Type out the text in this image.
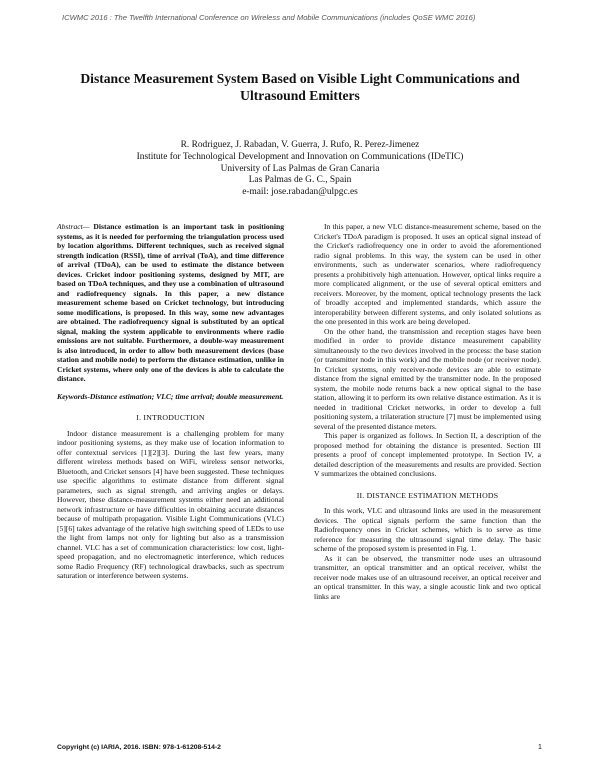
ICWMC 2016 : The Twelfth International Conference on Wireless and Mobile Communications (includes QoSE WMC 2016)
Distance Measurement System Based on Visible Light Communications and
Ultrasound Emitters
R. Rodriguez, J. Rabadan, V. Guerra, J. Rufo, R. Perez-Jimenez
Institute for Technological Development and Innovation on Communications (IDeTIC)
University of Las Palmas de Gran Canaria
Las Palmas de G. C., Spain
e-mail: jose.rabadan@ulpgc.es

Abstract— Distance estimation is an important task in positioning systems, as it is needed for performing the triangulation process used by location algorithms. Different techniques, such as received signal strength indication (RSSI), time of arrival (ToA), and time difference of arrival (TDoA), can be used to estimate the distance between devices. Cricket indoor positioning systems, designed by MIT, are based on TDoA techniques, and they use a combination of ultrasound and radiofrequency signals. In this paper, a new distance measurement scheme based on Cricket technology, but introducing some modifications, is proposed. In this way, some new advantages are obtained. The radiofrequency signal is substituted by an optical signal, making the system applicable to environments where radio emissions are not suitable. Furthermore, a double-way measurement is also introduced, in order to allow both measurement devices (base station and mobile node) to perform the distance estimation, unlike in Cricket systems, where only one of the devices is able to calculate the distance.

Keywords-Distance estimation; VLC; time arrival; double measurement.

I. INTRODUCTION

Indoor distance measurement is a challenging problem for many indoor positioning systems, as they make use of location information to offer contextual services [1][2][3]. During the last few years, many different wireless methods based on WiFi, wireless sensor networks, Bluetooth, and Cricket sensors [4] have been suggested. These techniques use specific algorithms to estimate distance from different signal parameters, such as signal strength, and arriving angles or delays. However, these distance-measurement systems either need an additional network infrastructure or have difficulties in obtaining accurate distances because of multipath propagation. Visible Light Communications (VLC) [5][6] takes advantage of the relative high switching speed of LEDs to use the light from lamps not only for lighting but also as a transmission channel. VLC has a set of communication characteristics: low cost, light-speed propagation, and no electromagnetic interference, which reduces some Radio Frequency (RF) technological drawbacks, such as spectrum saturation or interference between systems.

In this paper, a new VLC distance-measurement scheme, based on the Cricket's TDoA paradigm is proposed. It uses an optical signal instead of the Cricket's radiofrequency one in order to avoid the aforementioned radio signal problems. In this way, the system can be used in other environments, such as underwater scenarios, where radiofrequency presents a prohibitively high attenuation. However, optical links require a more complicated alignment, or the use of several optical emitters and receivers. Moreover, by the moment, optical technology presents the lack of broadly accepted and implemented standards, which assure the interoperability between different systems, and only isolated solutions as the one presented in this work are being developed.

On the other hand, the transmission and reception stages have been modified in order to provide distance measurement capability simultaneously to the two devices involved in the process: the base station (or transmitter node in this work) and the mobile node (or receiver node). In Cricket systems, only receiver-node devices are able to estimate distance from the signal emitted by the transmitter node. In the proposed system, the mobile node returns back a new optical signal to the base station, allowing it to perform its own relative distance estimation. As it is needed in traditional Cricket networks, in order to develop a full positioning system, a trilateration structure [7] must be implemented using several of the presented distance meters.

This paper is organized as follows. In Section II, a description of the proposed method for obtaining the distance is presented. Section III presents a proof of concept implemented prototype. In Section IV, a detailed description of the measurements and results are provided. Section V summarizes the obtained conclusions.

II. DISTANCE ESTIMATION METHODS

In this work, VLC and ultrasound links are used in the measurement devices. The optical signals perform the same function than the Radiofrequency ones in Cricket schemes, which is to serve as time reference for measuring the ultrasound signal time delay. The basic scheme of the proposed system is presented in Fig. 1.

As it can be observed, the transmitter node uses an ultrasound transmitter, an optical transmitter and an optical receiver, whilst the receiver node makes use of an ultrasound receiver, an optical receiver and an optical transmitter. In this way, a single acoustic link and two optical links are

Copyright (c) IARIA, 2016. ISBN: 978-1-61208-514-2	1
